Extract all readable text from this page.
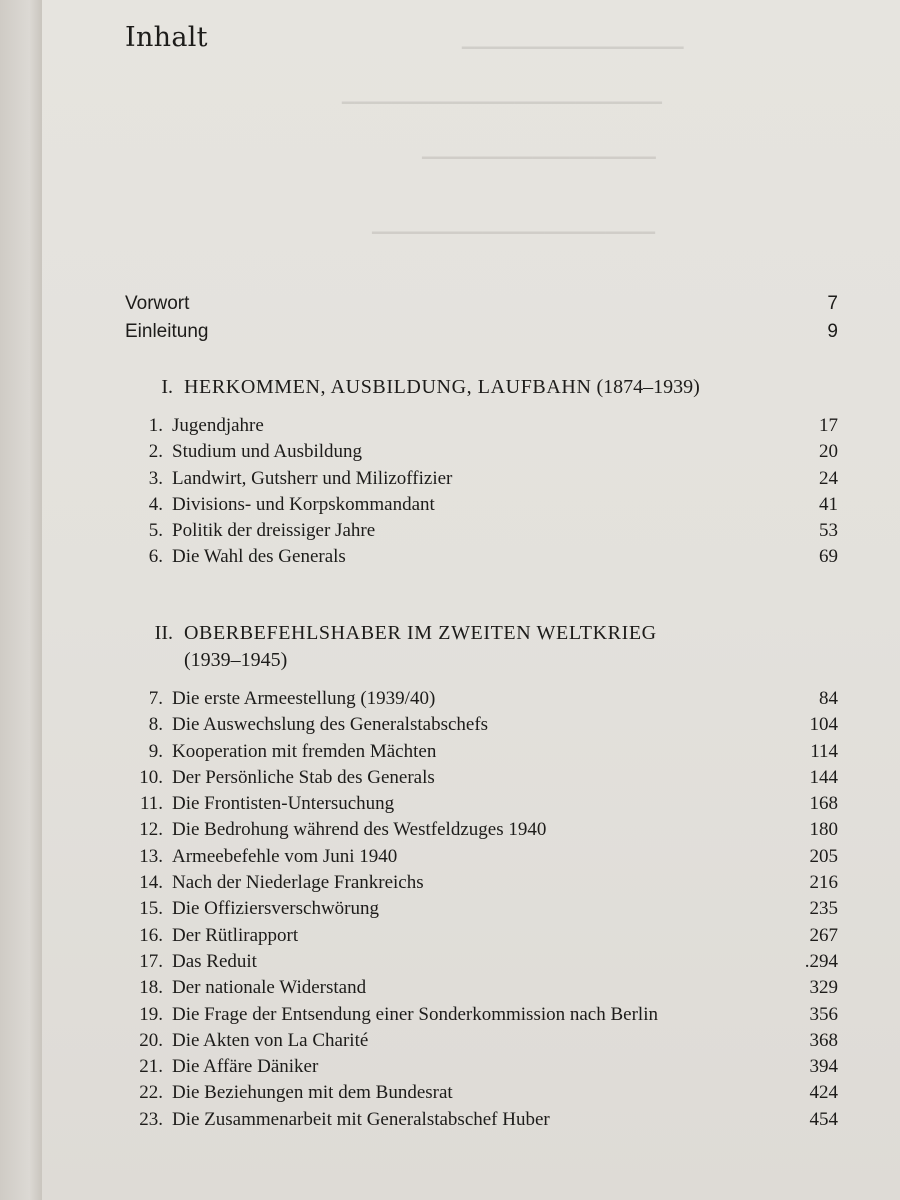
▁▁▁▁▁▁▁▁▁▁▁▁▁▁▁▁▁▁
▁▁▁▁▁▁▁▁▁▁▁▁▁▁▁▁▁▁▁▁▁▁▁▁▁▁
▁▁▁▁▁▁▁▁▁▁▁▁▁▁▁▁▁▁▁
▁▁▁▁▁▁▁▁▁▁▁▁▁▁▁▁▁▁▁▁▁▁▁
Inhalt
Vorwort	7
Einleitung	9
I. HERKOMMEN, AUSBILDUNG, LAUFBAHN (1874–1939)
1. Jugendjahre	17
2. Studium und Ausbildung	20
3. Landwirt, Gutsherr und Milizoffizier	24
4. Divisions- und Korpskommandant	41
5. Politik der dreissiger Jahre	53
6. Die Wahl des Generals	69
II. OBERBEFEHLSHABER IM ZWEITEN WELTKRIEG
(1939–1945)
7. Die erste Armeestellung (1939/40)	84
8. Die Auswechslung des Generalstabschefs	104
9. Kooperation mit fremden Mächten	114
10. Der Persönliche Stab des Generals	144
11. Die Frontisten-Untersuchung	168
12. Die Bedrohung während des Westfeldzuges 1940	180
13. Armeebefehle vom Juni 1940	205
14. Nach der Niederlage Frankreichs	216
15. Die Offiziersverschwörung	235
16. Der Rütlirapport	267
17. Das Reduit	.294
18. Der nationale Widerstand	329
19. Die Frage der Entsendung einer Sonderkommission nach Berlin	356
20. Die Akten von La Charité	368
21. Die Affäre Däniker	394
22. Die Beziehungen mit dem Bundesrat	424
23. Die Zusammenarbeit mit Generalstabschef Huber	454
